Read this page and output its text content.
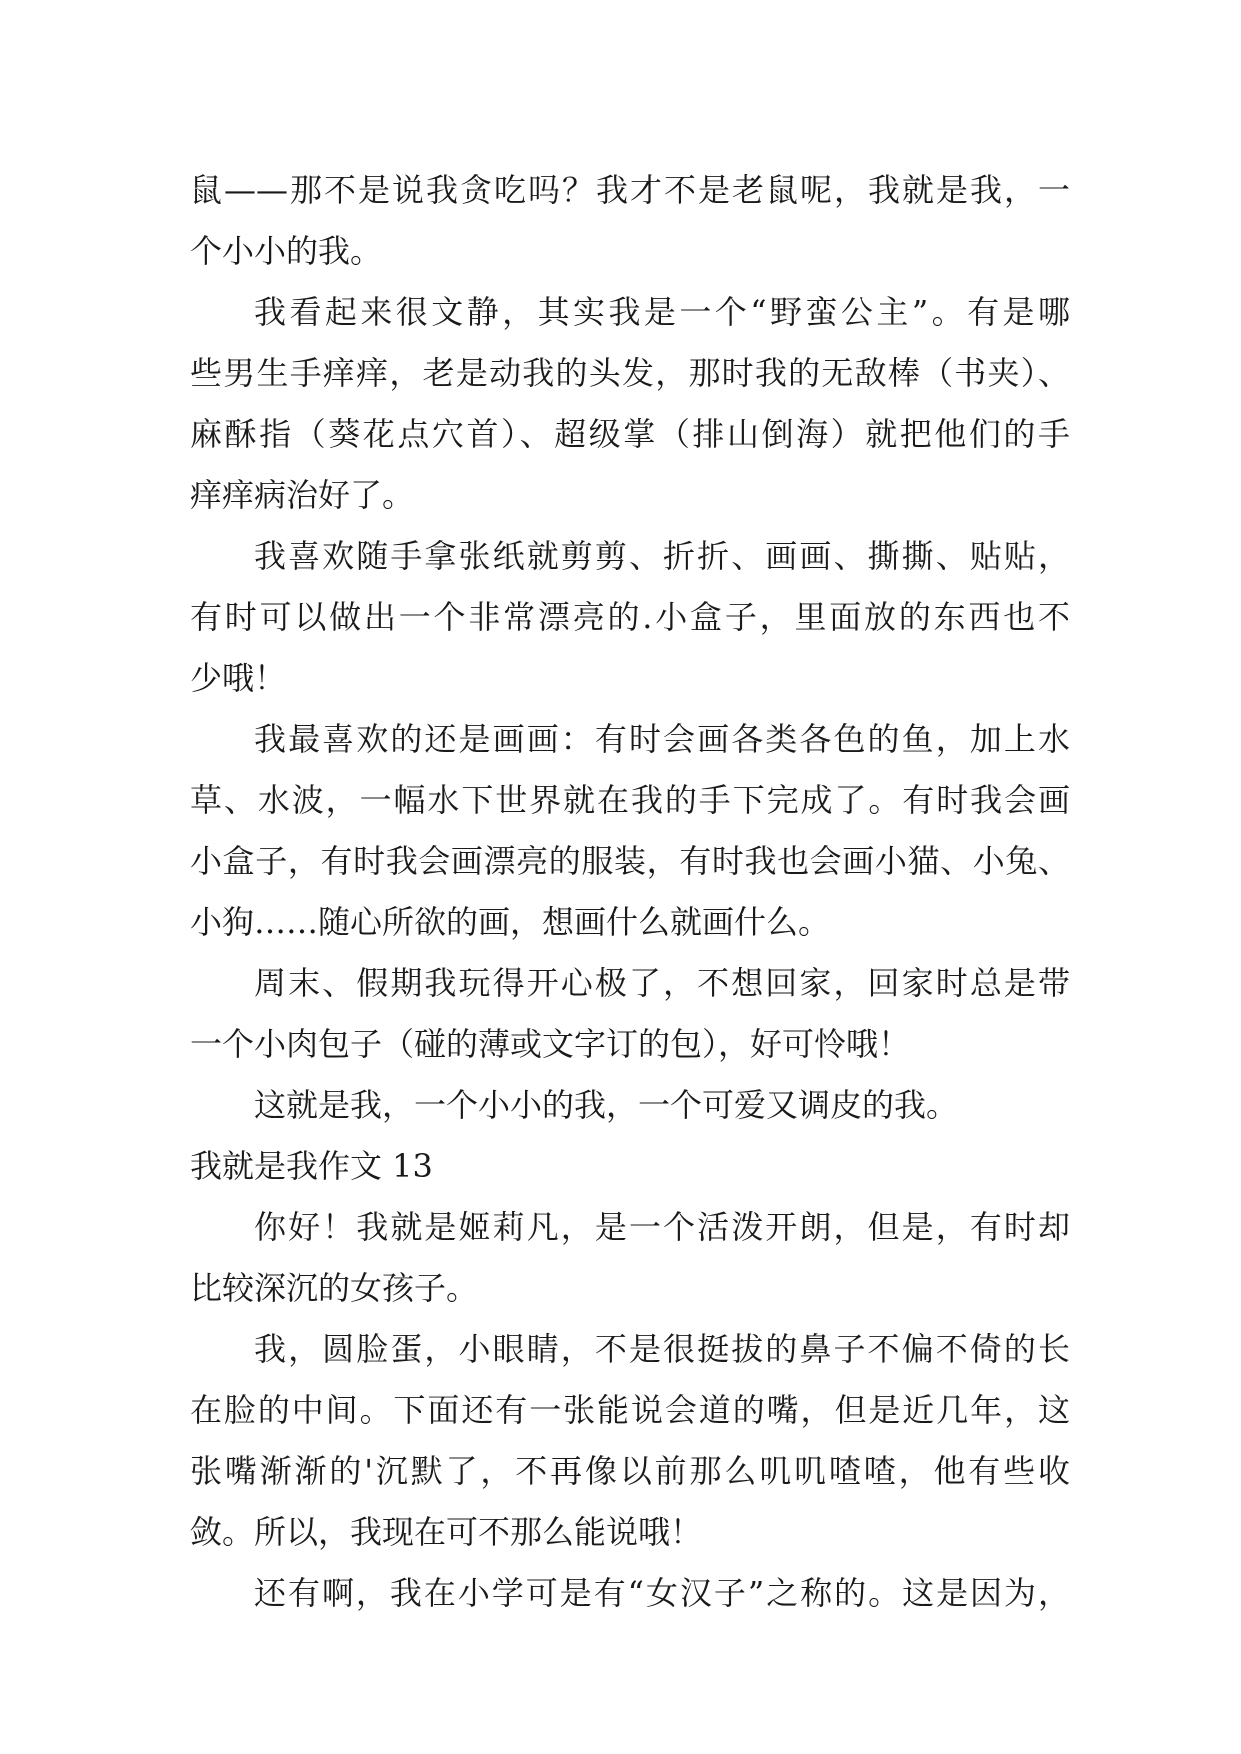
鼠——那不是说我贪吃吗？我才不是老鼠呢，我就是我，一
个小小的我。
我看起来很文静，其实我是一个“野蛮公主”。有是哪
些男生手痒痒，老是动我的头发，那时我的无敌棒（书夹）、
麻酥指（葵花点穴首）、超级掌（排山倒海）就把他们的手
痒痒病治好了。
我喜欢随手拿张纸就剪剪、折折、画画、撕撕、贴贴，
有时可以做出一个非常漂亮的.小盒子，里面放的东西也不
少哦！
我最喜欢的还是画画：有时会画各类各色的鱼，加上水
草、水波，一幅水下世界就在我的手下完成了。有时我会画
小盒子，有时我会画漂亮的服装，有时我也会画小猫、小兔、
小狗……随心所欲的画，想画什么就画什么。
周末、假期我玩得开心极了，不想回家，回家时总是带
一个小肉包子（碰的薄或文字订的包），好可怜哦！
这就是我，一个小小的我，一个可爱又调皮的我。
我就是我作文 13
你好！我就是姬莉凡，是一个活泼开朗，但是，有时却
比较深沉的女孩子。
我，圆脸蛋，小眼睛，不是很挺拔的鼻子不偏不倚的长
在脸的中间。下面还有一张能说会道的嘴，但是近几年，这
张嘴渐渐的'沉默了，不再像以前那么叽叽喳喳，他有些收
敛。所以，我现在可不那么能说哦！
还有啊，我在小学可是有“女汉子”之称的。这是因为，
